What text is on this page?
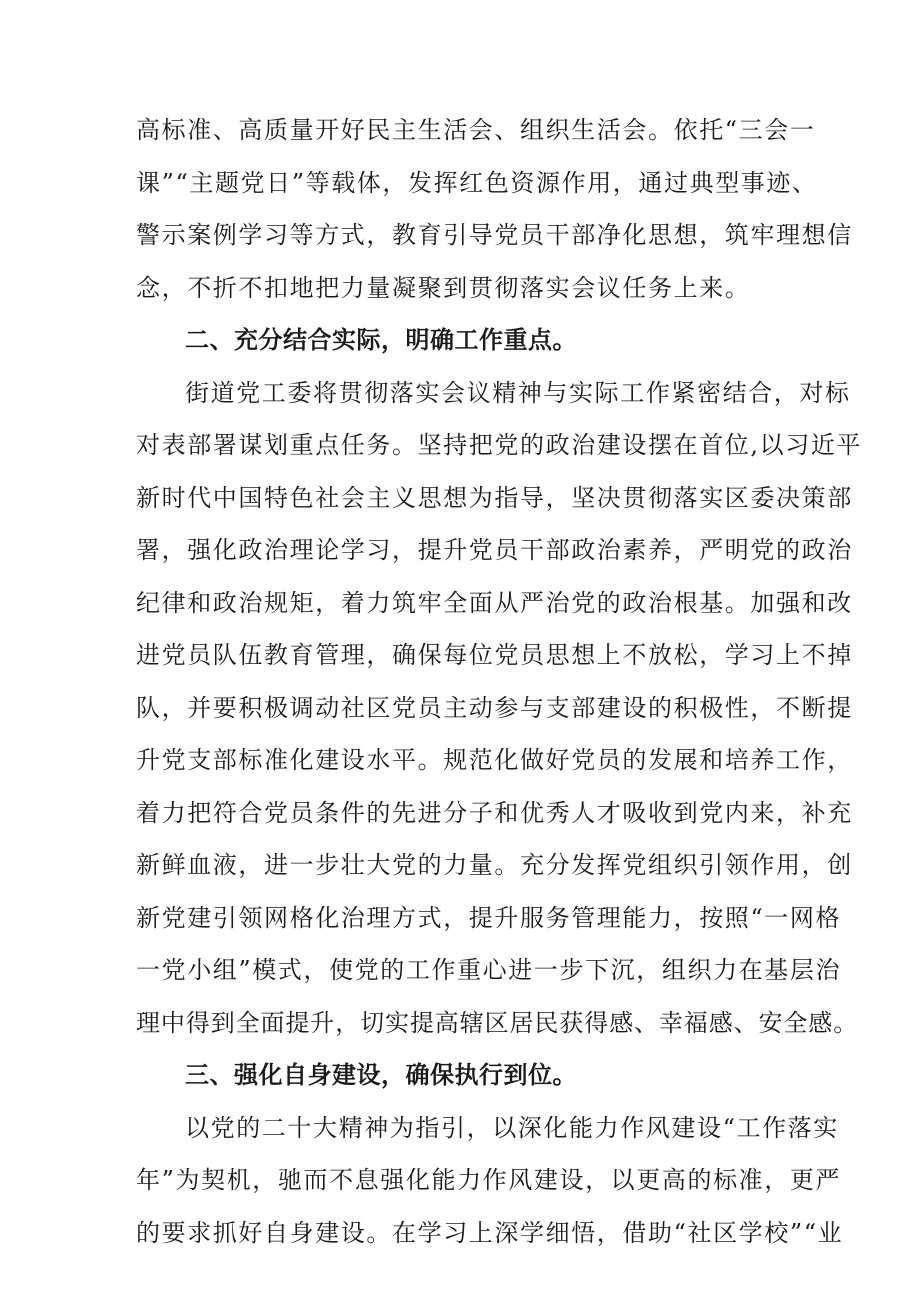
高标准、高质量开好民主生活会、组织生活会。依托“三会一
课”“主题党日”等载体，发挥红色资源作用，通过典型事迹、
警示案例学习等方式，教育引导党员干部净化思想，筑牢理想信
念，不折不扣地把力量凝聚到贯彻落实会议任务上来。
二、充分结合实际，明确工作重点。
街道党工委将贯彻落实会议精神与实际工作紧密结合，对标
对表部署谋划重点任务。坚持把党的政治建设摆在首位,以习近平
新时代中国特色社会主义思想为指导，坚决贯彻落实区委决策部
署，强化政治理论学习，提升党员干部政治素养，严明党的政治
纪律和政治规矩，着力筑牢全面从严治党的政治根基。加强和改
进党员队伍教育管理，确保每位党员思想上不放松，学习上不掉
队，并要积极调动社区党员主动参与支部建设的积极性，不断提
升党支部标准化建设水平。规范化做好党员的发展和培养工作，
着力把符合党员条件的先进分子和优秀人才吸收到党内来，补充
新鲜血液，进一步壮大党的力量。充分发挥党组织引领作用，创
新党建引领网格化治理方式，提升服务管理能力，按照“一网格
一党小组”模式，使党的工作重心进一步下沉，组织力在基层治
理中得到全面提升，切实提高辖区居民获得感、幸福感、安全感。
三、强化自身建设，确保执行到位。
以党的二十大精神为指引，以深化能力作风建设“工作落实
年”为契机，驰而不息强化能力作风建设，以更高的标准，更严
的要求抓好自身建设。在学习上深学细悟，借助“社区学校”“业
